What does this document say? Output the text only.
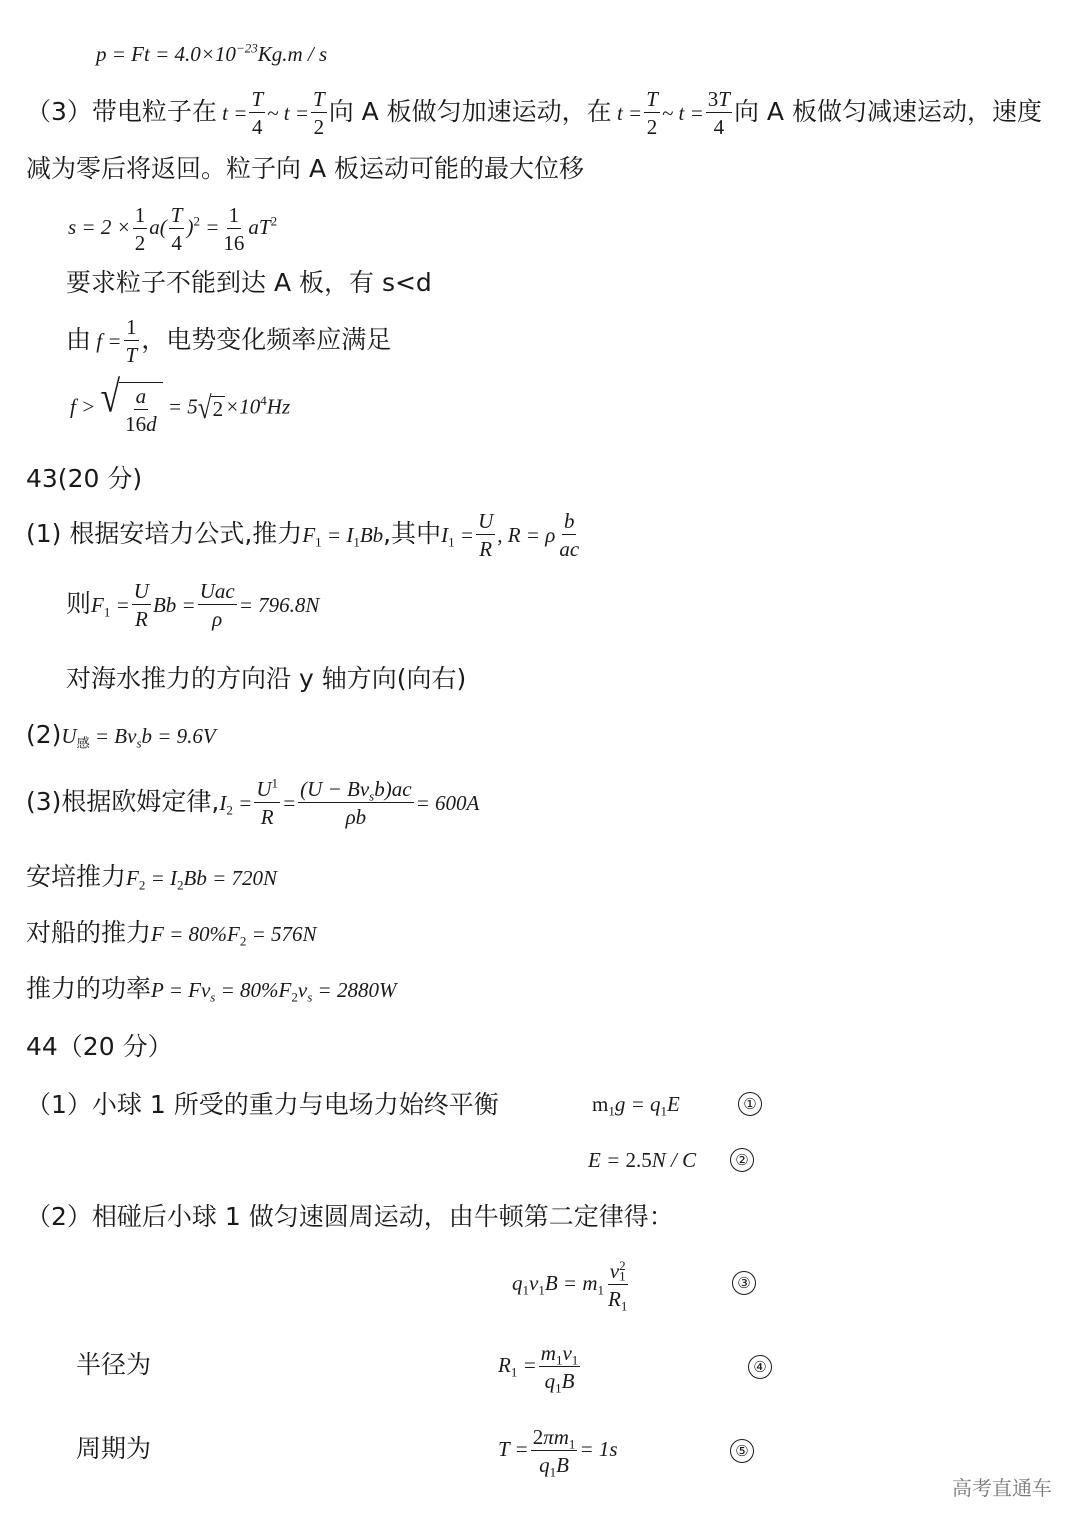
$p = Ft = 4.0\times 10^{-23}Kg.m / s$
（3）带电粒子在 $t = \frac{T}{4}$ ~ $t = \frac{T}{2}$ 向 A 板做匀加速运动，在 $t = \frac{T}{2}$ ~ $t = \frac{3T}{4}$ 向 A 板做匀减速运动，速度
减为零后将返回。粒子向 A 板运动可能的最大位移
$s = 2 \times \frac{1}{2} a( \frac{T}{4} )^2 = \frac{1}{16} aT^2$
要求粒子不能到达 A 板，有 s<d
由 $f = \frac{1}{T}$ ，电势变化频率应满足
f > √ $\frac{a}{16d} = 5$ √ $2 \times 10^4Hz$
43(20 分)
(1) 根据安培力公式,推力$F_1 = I_1Bb$,其中$I_1 = \frac{U}{R}$ , R = ρ $\frac{b}{ac}$
则$F_1 = \frac{U}{R}$ Bb =
Uac
ρ
= 796.8N
对海水推力的方向沿 y 轴方向(向右)
$(2)U_感 = Bv_sb = 9.6V$
(3)根据欧姆定律$,I_2 = \frac{U^1}{R}$ =
$(U - Bv_sb)ac$
ρb
= 600A
安培推力$F_2 = I_2Bb = 720N$
对船的推力$F = 80\%F_2 = 576N$
推力的功率$P = Fv_s = 80\%F_2v_s = 2880W$
44（20 分）
（1）小球 1 所受的重力与电场力始终平衡	$m_1g = q_1E$	①
E = 2.5N / C	②
（2）相碰后小球 1 做匀速圆周运动，由牛顿第二定律得：
$q_1v_1B = m_1 \frac{v_1^2}{R_1}$	③
半径为	$R_1 = \frac{m_1v_1}{q_1B}$	④
周期为	$T = \frac{2\pi m_1}{q_1B} = 1s$	⑤
高考直通车
